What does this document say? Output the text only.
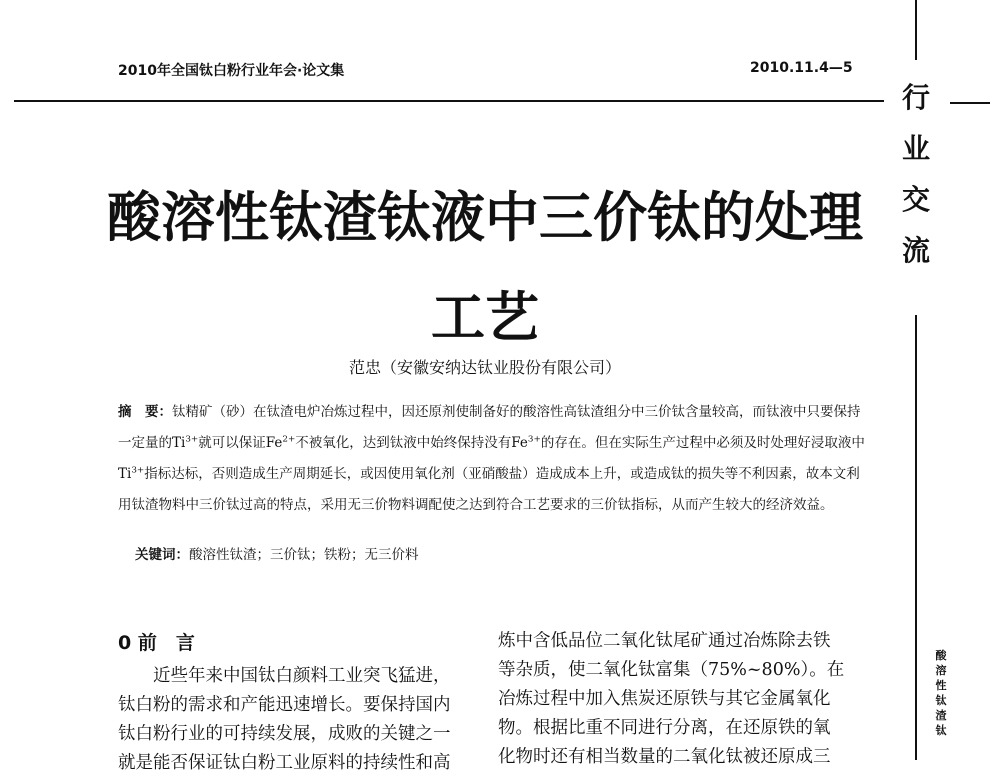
2010年全国钛白粉行业年会·论文集	2010.11.4—5
行
业
交
流
酸
溶
性
钛
渣
钛
酸溶性钛渣钛液中三价钛的处理
工艺
范忠（安徽安纳达钛业股份有限公司）
摘　要：钛精矿（砂）在钛渣电炉冶炼过程中，因还原剂使制备好的酸溶性高钛渣组分中三价钛含量较高，而钛液中只要保持一定量的$Ti^{3+}$就可以保证$Fe^{2+}$不被氧化，达到钛液中始终保持没有$Fe^{3+}$的存在。但在实际生产过程中必须及时处理好浸取液中$Ti^{3+}$指标达标，否则造成生产周期延长，或因使用氧化剂（亚硝酸盐）造成成本上升，或造成钛的损失等不利因素，故本文利用钛渣物料中三价钛过高的特点，采用无三价物料调配使之达到符合工艺要求的三价钛指标，从而产生较大的经济效益。
关键词：酸溶性钛渣；三价钛；铁粉；无三价料
0 前　言
近些年来中国钛白颜料工业突飞猛进，
钛白粉的需求和产能迅速增长。要保持国内
钛白粉行业的可持续发展，成败的关键之一
就是能否保证钛白粉工业原料的持续性和高
炼中含低品位二氧化钛尾矿通过冶炼除去铁
等杂质，使二氧化钛富集（75%~80%）。在
冶炼过程中加入焦炭还原铁与其它金属氧化
物。根据比重不同进行分离，在还原铁的氧
化物时还有相当数量的二氧化钛被还原成三
